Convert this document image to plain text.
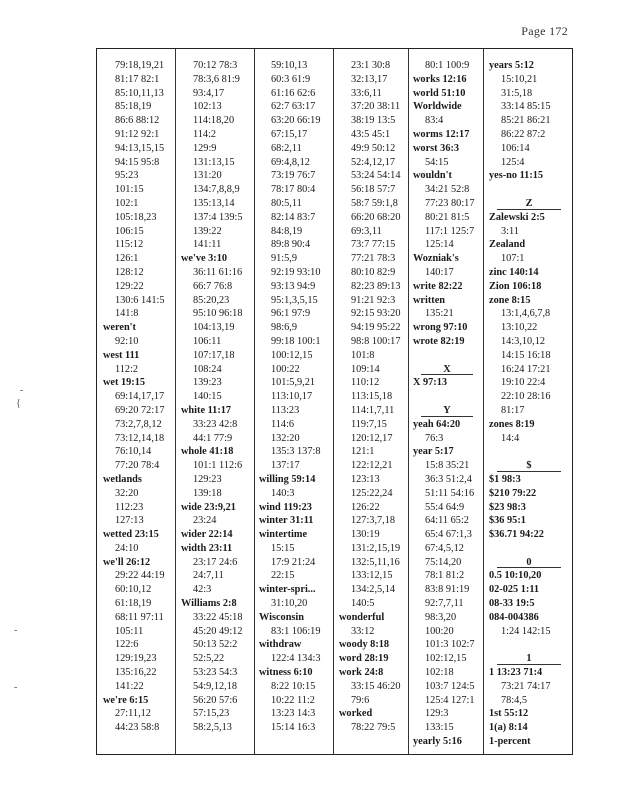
Page 172
-
{
-
-
79:18,19,21
81:17 82:1
85:10,11,13
85:18,19
86:6 88:12
91:12 92:1
94:13,15,15
94:15 95:8
95:23
101:15
102:1
105:18,23
106:15
115:12
126:1
128:12
129:22
130:6 141:5
141:8
weren't
92:10
west 111
112:2
wet 19:15
69:14,17,17
69:20 72:17
73:2,7,8,12
73:12,14,18
76:10,14
77:20 78:4
wetlands
32:20
112:23
127:13
wetted 23:15
24:10
we'll 26:12
29:22 44:19
60:10,12
61:18,19
68:11 97:11
105:11
122:6
129:19,23
135:16,22
141:22
we're 6:15
27:11,12
44:23 58:8
70:12 78:3
78:3,6 81:9
93:4,17
102:13
114:18,20
114:2
129:9
131:13,15
131:20
134:7,8,8,9
135:13,14
137:4 139:5
139:22
141:11
we've 3:10
36:11 61:16
66:7 76:8
85:20,23
95:10 96:18
104:13,19
106:11
107:17,18
108:24
139:23
140:15
white 11:17
33:23 42:8
44:1 77:9
whole 41:18
101:1 112:6
129:23
139:18
wide 23:9,21
23:24
wider 22:14
width 23:11
23:17 24:6
24:7,11
42:3
Williams 2:8
33:22 45:18
45:20 49:12
50:13 52:2
52:5,22
53:23 54:3
54:9,12,18
56:20 57:6
57:15,23
58:2,5,13
59:10,13
60:3 61:9
61:16 62:6
62:7 63:17
63:20 66:19
67:15,17
68:2,11
69:4,8,12
73:19 76:7
78:17 80:4
80:5,11
82:14 83:7
84:8,19
89:8 90:4
91:5,9
92:19 93:10
93:13 94:9
95:1,3,5,15
96:1 97:9
98:6,9
99:18 100:1
100:12,15
100:22
101:5,9,21
113:10,17
113:23
114:6
132:20
135:3 137:8
137:17
willing 59:14
140:3
wind 119:23
winter 31:11
wintertime
15:15
17:9 21:24
22:15
winter-spri...
31:10,20
Wisconsin
83:1 106:19
withdraw
122:4 134:3
witness 6:10
8:22 10:15
10:22 11:2
13:23 14:3
15:14 16:3
23:1 30:8
32:13,17
33:6,11
37:20 38:11
38:19 13:5
43:5 45:1
49:9 50:12
52:4,12,17
53:24 54:14
56:18 57:7
58:7 59:1,8
66:20 68:20
69:3,11
73:7 77:15
77:21 78:3
80:10 82:9
82:23 89:13
91:21 92:3
92:15 93:20
94:19 95:22
98:8 100:17
101:8
109:14
110:12
113:15,18
114:1,7,11
119:7,15
120:12,17
121:1
122:12,21
123:13
125:22,24
126:22
127:3,7,18
130:19
131:2,15,19
132:5,11,16
133:12,15
134:2,5,14
140:5
wonderful
33:12
woody 8:18
word 28:19
work 24:8
33:15 46:20
79:6
worked
78:22 79:5
80:1 100:9
works 12:16
world 51:10
Worldwide
83:4
worms 12:17
worst 36:3
54:15
wouldn't
34:21 52:8
77:23 80:17
80:21 81:5
117:1 125:7
125:14
Wozniak's
140:17
write 82:22
written
135:21
wrong 97:10
wrote 82:19
X
X 97:13
Y
yeah 64:20
76:3
year 5:17
15:8 35:21
36:3 51:2,4
51:11 54:16
55:4 64:9
64:11 65:2
65:4 67:1,3
67:4,5,12
75:14,20
78:1 81:2
83:8 91:19
92:7,7,11
98:3,20
100:20
101:3 102:7
102:12,15
102:18
103:7 124:5
125:4 127:1
129:3
133:15
yearly 5:16
years 5:12
15:10,21
31:5,18
33:14 85:15
85:21 86:21
86:22 87:2
106:14
125:4
yes-no 11:15
Z
Zalewski 2:5
3:11
Zealand
107:1
zinc 140:14
Zion 106:18
zone 8:15
13:1,4,6,7,8
13:10,22
14:3,10,12
14:15 16:18
16:24 17:21
19:10 22:4
22:10 28:16
81:17
zones 8:19
14:4
$
$1 98:3
$210 79:22
$23 98:3
$36 95:1
$36.71 94:22
0
0.5 10:10,20
02-025 1:11
08-33 19:5
084-004386
1:24 142:15
1
1 13:23 71:4
73:21 74:17
78:4,5
1st 55:12
1(a) 8:14
1-percent
